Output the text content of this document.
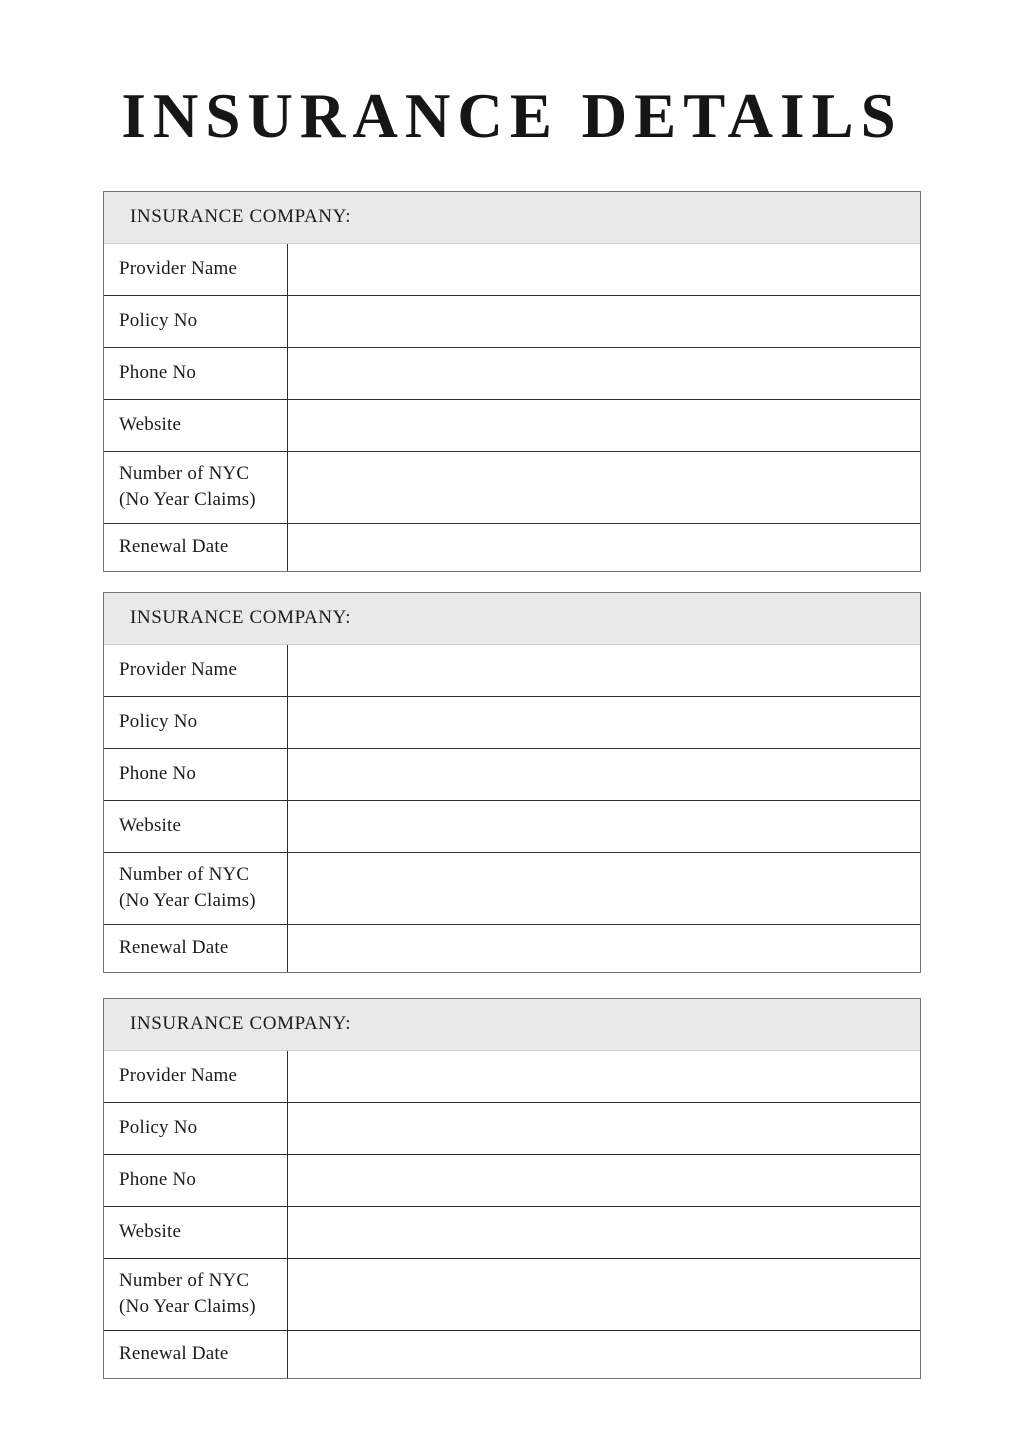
INSURANCE DETAILS
INSURANCE COMPANY:
Provider Name
Policy No
Phone No
Website
Number of NYC (No Year Claims)
Renewal Date
INSURANCE COMPANY:
Provider Name
Policy No
Phone No
Website
Number of NYC (No Year Claims)
Renewal Date
INSURANCE COMPANY:
Provider Name
Policy No
Phone No
Website
Number of NYC (No Year Claims)
Renewal Date
